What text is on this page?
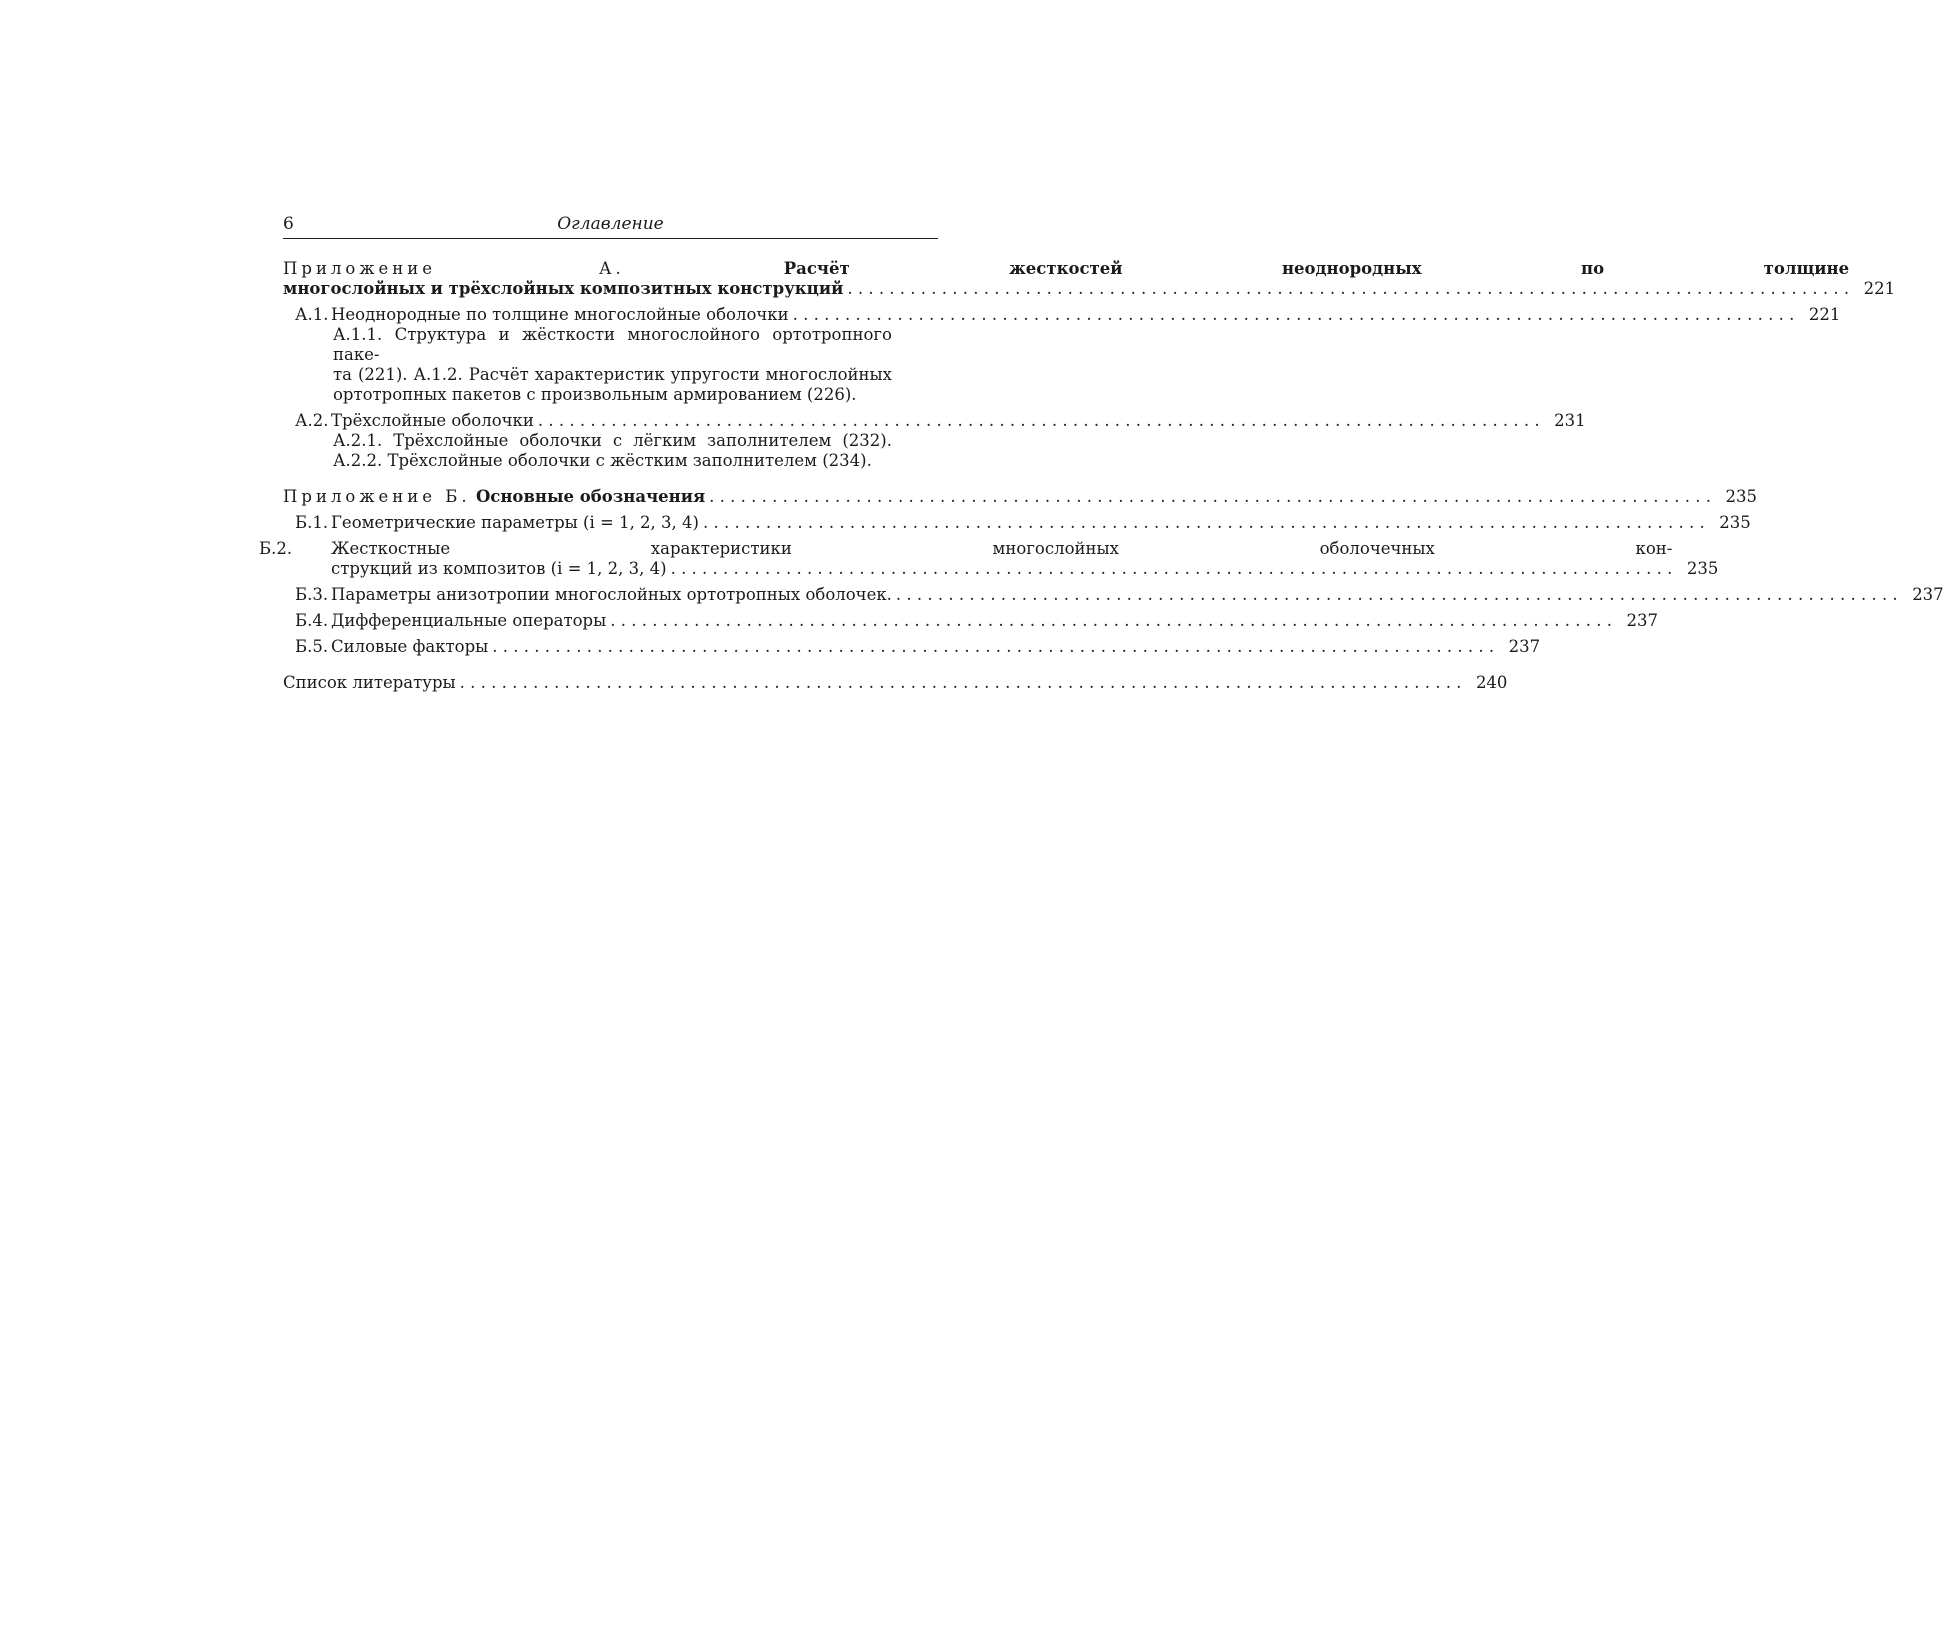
6	Оглавление
Приложение А.	Расчёт жесткостей неоднородных по толщине
многослойных и трёхслойных композитных конструкций . . .	221
А.1. Неоднородные по толщине многослойные оболочки . . .	221
А.1.1. Структура и жёсткости многослойного ортотропного паке-
та (221). А.1.2. Расчёт характеристик упругости многослойных
ортотропных пакетов с произвольным армированием (226).
А.2. Трёхслойные оболочки . . .	231
А.2.1. Трёхслойные оболочки с лёгким заполнителем (232).
А.2.2. Трёхслойные оболочки с жёстким заполнителем (234).
Приложение Б. Основные обозначения . . .	235
Б.1. Геометрические параметры (i = 1, 2, 3, 4) . . .	235
Б.2. Жесткостные характеристики многослойных оболочечных кон-
струкций из композитов (i = 1, 2, 3, 4) . . .	235
Б.3. Параметры анизотропии многослойных ортотропных оболочек. . . .	237
Б.4. Дифференциальные операторы . . .	237
Б.5. Силовые факторы . . .	237
Список литературы . . .	240
